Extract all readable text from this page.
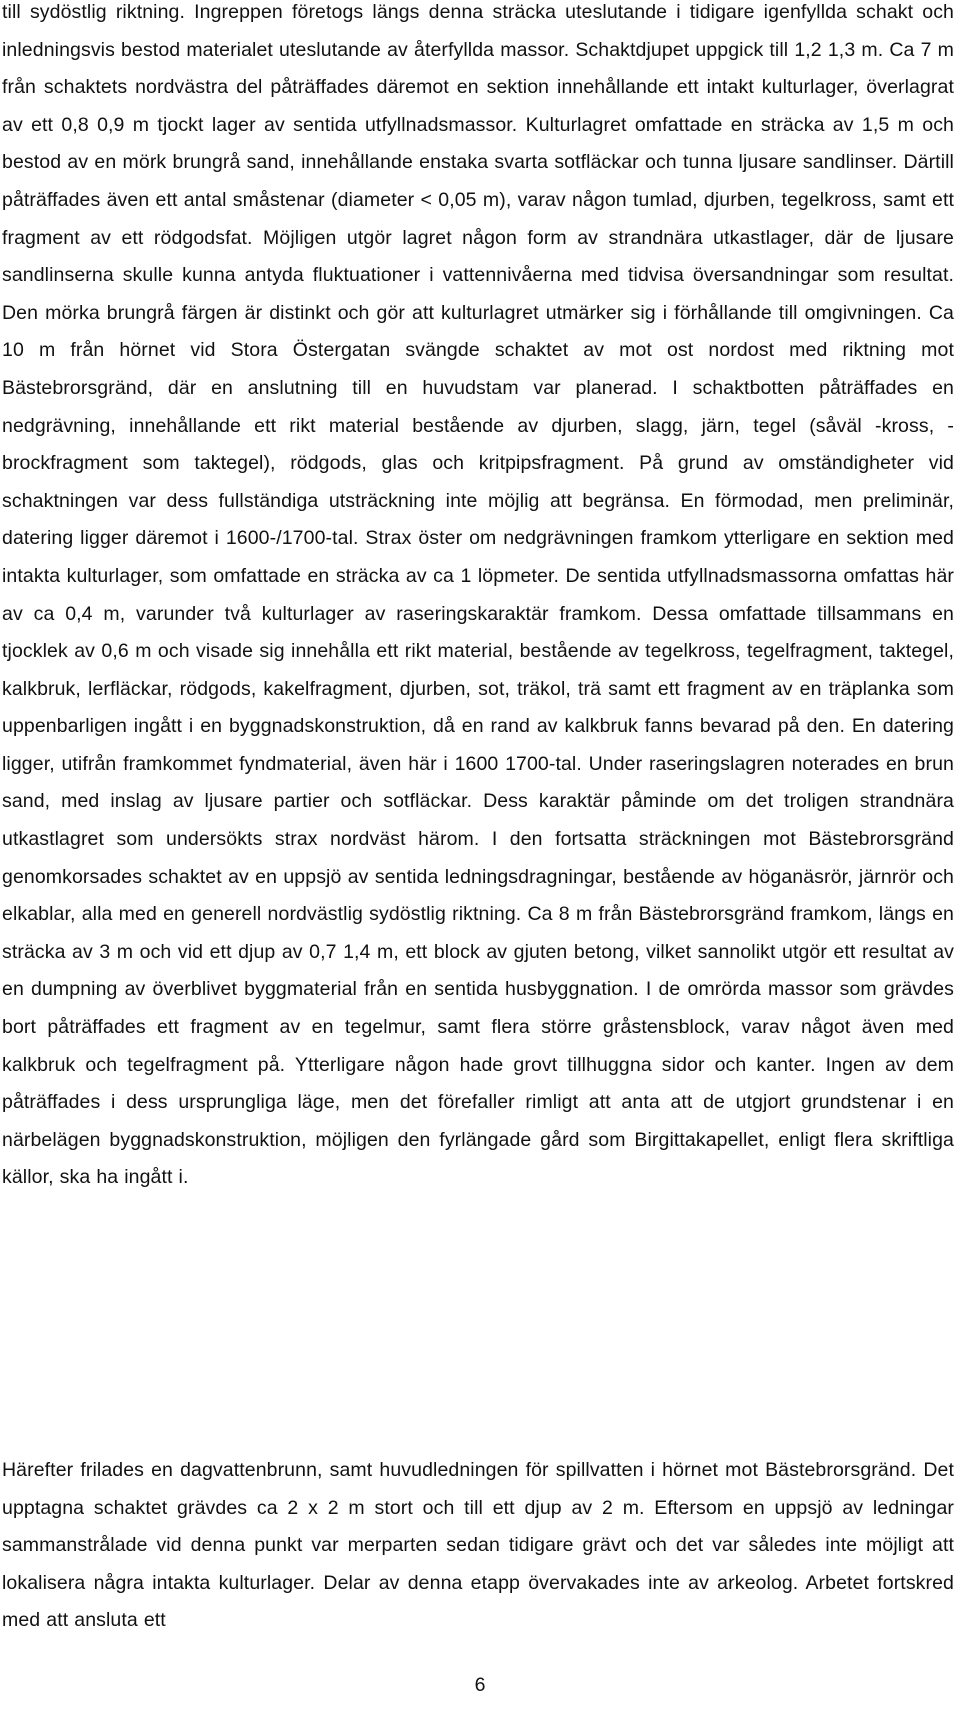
till sydöstlig riktning. Ingreppen företogs längs denna sträcka uteslutande i tidigare igenfyllda schakt och inledningsvis bestod materialet uteslutande av återfyllda massor. Schaktdjupet uppgick till 1,2 1,3 m. Ca 7 m från schaktets nordvästra del påträffades däremot en sektion innehållande ett intakt kulturlager, överlagrat av ett 0,8 0,9 m tjockt lager av sentida utfyllnadsmassor. Kulturlagret omfattade en sträcka av 1,5 m och bestod av en mörk brungrå sand, innehållande enstaka svarta sotfläckar och tunna ljusare sandlinser. Därtill påträffades även ett antal småstenar (diameter < 0,05 m), varav någon tumlad, djurben, tegelkross, samt ett fragment av ett rödgodsfat. Möjligen utgör lagret någon form av strandnära utkastlager, där de ljusare sandlinserna skulle kunna antyda fluktuationer i vattennivåerna med tidvisa översandningar som resultat. Den mörka brungrå färgen är distinkt och gör att kulturlagret utmärker sig i förhållande till omgivningen. Ca 10 m från hörnet vid Stora Östergatan svängde schaktet av mot ost nordost med riktning mot Bästebrorsgränd, där en anslutning till en huvudstam var planerad. I schaktbotten påträffades en nedgrävning, innehållande ett rikt material bestående av djurben, slagg, järn, tegel (såväl -kross, -brockfragment som taktegel), rödgods, glas och kritpipsfragment. På grund av omständigheter vid schaktningen var dess fullständiga utsträckning inte möjlig att begränsa. En förmodad, men preliminär, datering ligger däremot i 1600-/1700-tal. Strax öster om nedgrävningen framkom ytterligare en sektion med intakta kulturlager, som omfattade en sträcka av ca 1 löpmeter. De sentida utfyllnadsmassorna omfattas här av ca 0,4 m, varunder två kulturlager av raseringskaraktär framkom. Dessa omfattade tillsammans en tjocklek av 0,6 m och visade sig innehålla ett rikt material, bestående av tegelkross, tegelfragment, taktegel, kalkbruk, lerfläckar, rödgods, kakelfragment, djurben, sot, träkol, trä samt ett fragment av en träplanka som uppenbarligen ingått i en byggnadskonstruktion, då en rand av kalkbruk fanns bevarad på den. En datering ligger, utifrån framkommet fyndmaterial, även här i 1600 1700-tal. Under raseringslagren noterades en brun sand, med inslag av ljusare partier och sotfläckar. Dess karaktär påminde om det troligen strandnära utkastlagret som undersökts strax nordväst härom. I den fortsatta sträckningen mot Bästebrorsgränd genomkorsades schaktet av en uppsjö av sentida ledningsdragningar, bestående av höganäsrör, järnrör och elkablar, alla med en generell nordvästlig sydöstlig riktning. Ca 8 m från Bästebrorsgränd framkom, längs en sträcka av 3 m och vid ett djup av 0,7 1,4 m, ett block av gjuten betong, vilket sannolikt utgör ett resultat av en dumpning av överblivet byggmaterial från en sentida husbyggnation. I de omrörda massor som grävdes bort påträffades ett fragment av en tegelmur, samt flera större gråstensblock, varav något även med kalkbruk och tegelfragment på. Ytterligare någon hade grovt tillhuggna sidor och kanter. Ingen av dem påträffades i dess ursprungliga läge, men det förefaller rimligt att anta att de utgjort grundstenar i en närbelägen byggnadskonstruktion, möjligen den fyrlängade gård som Birgittakapellet, enligt flera skriftliga källor, ska ha ingått i.

Härefter frilades en dagvattenbrunn, samt huvudledningen för spillvatten i hörnet mot Bästebrorsgränd. Det upptagna schaktet grävdes ca 2 x 2 m stort och till ett djup av 2 m. Eftersom en uppsjö av ledningar sammanstrålade vid denna punkt var merparten sedan tidigare grävt och det var således inte möjligt att lokalisera några intakta kulturlager. Delar av denna etapp övervakades inte av arkeolog. Arbetet fortskred med att ansluta ett

6
